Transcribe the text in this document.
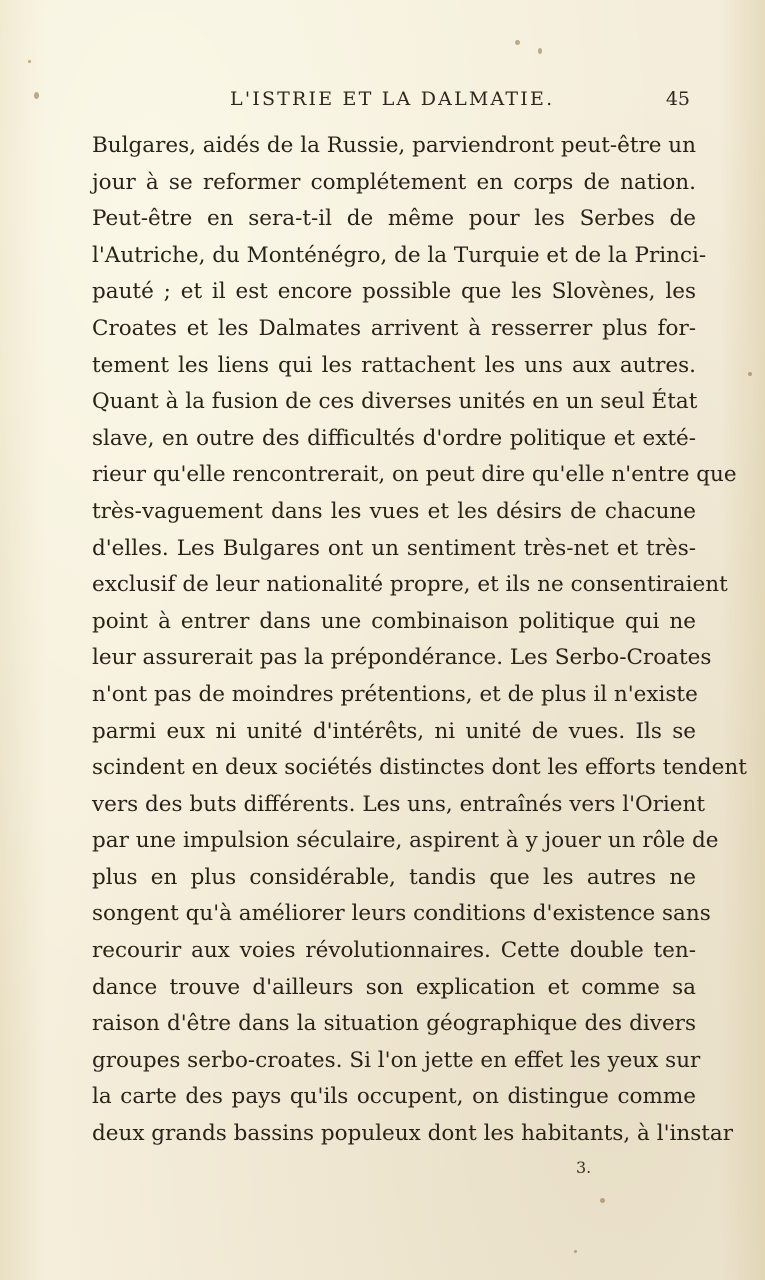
L'ISTRIE ET LA DALMATIE.	45
Bulgares, aidés de la Russie, parviendront peut-être un
jour à se reformer complétement en corps de nation.
Peut-être en sera-t-il de même pour les Serbes de
l'Autriche, du Monténégro, de la Turquie et de la Princi-
pauté ; et il est encore possible que les Slovènes, les
Croates et les Dalmates arrivent à resserrer plus for-
tement les liens qui les rattachent les uns aux autres.
Quant à la fusion de ces diverses unités en un seul État
slave, en outre des difficultés d'ordre politique et exté-
rieur qu'elle rencontrerait, on peut dire qu'elle n'entre que
très-vaguement dans les vues et les désirs de chacune
d'elles. Les Bulgares ont un sentiment très-net et très-
exclusif de leur nationalité propre, et ils ne consentiraient
point à entrer dans une combinaison politique qui ne
leur assurerait pas la prépondérance. Les Serbo-Croates
n'ont pas de moindres prétentions, et de plus il n'existe
parmi eux ni unité d'intérêts, ni unité de vues. Ils se
scindent en deux sociétés distinctes dont les efforts tendent
vers des buts différents. Les uns, entraînés vers l'Orient
par une impulsion séculaire, aspirent à y jouer un rôle de
plus en plus considérable, tandis que les autres ne
songent qu'à améliorer leurs conditions d'existence sans
recourir aux voies révolutionnaires. Cette double ten-
dance trouve d'ailleurs son explication et comme sa
raison d'être dans la situation géographique des divers
groupes serbo-croates. Si l'on jette en effet les yeux sur
la carte des pays qu'ils occupent, on distingue comme
deux grands bassins populeux dont les habitants, à l'instar
3.
